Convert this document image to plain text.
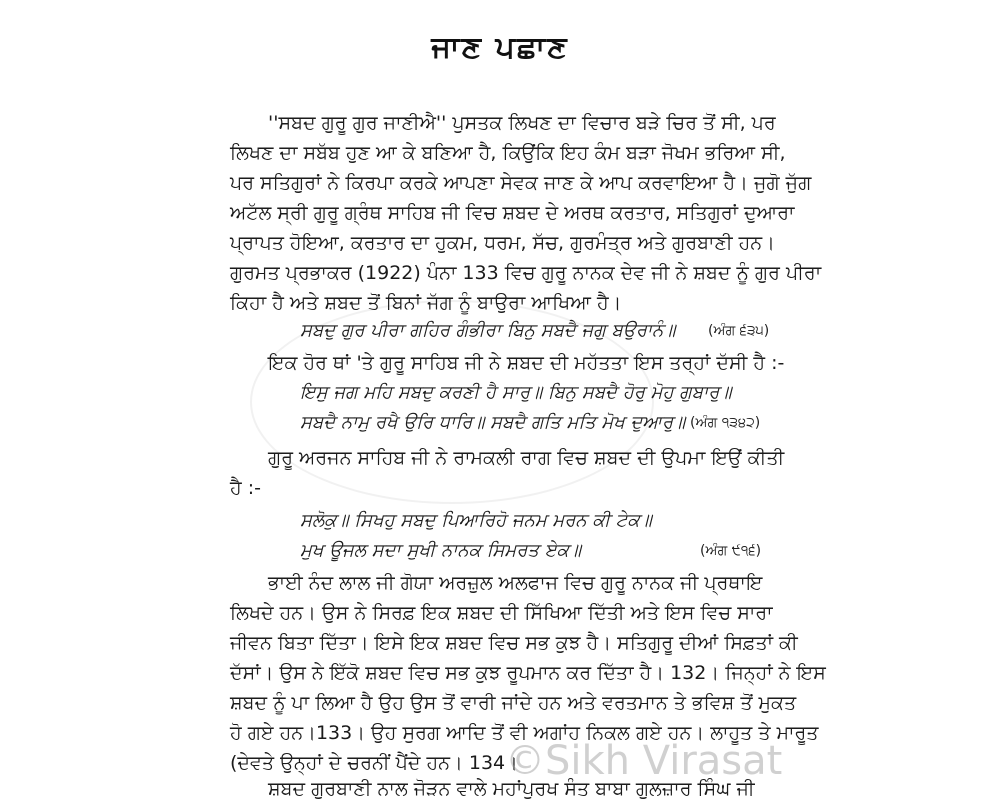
ਜਾਣ ਪਛਾਣ
''ਸਬਦ ਗੁਰੂ ਗੁਰ ਜਾਣੀਐ'' ਪੁਸਤਕ ਲਿਖਣ ਦਾ ਵਿਚਾਰ ਬੜੇ ਚਿਰ ਤੋਂ ਸੀ, ਪਰ
ਲਿਖਣ ਦਾ ਸਬੱਬ ਹੁਣ ਆ ਕੇ ਬਣਿਆ ਹੈ, ਕਿਉਂਕਿ ਇਹ ਕੰਮ ਬੜਾ ਜੋਖਮ ਭਰਿਆ ਸੀ,
ਪਰ ਸਤਿਗੁਰਾਂ ਨੇ ਕਿਰਪਾ ਕਰਕੇ ਆਪਣਾ ਸੇਵਕ ਜਾਣ ਕੇ ਆਪ ਕਰਵਾਇਆ ਹੈ। ਜੁਗੋ ਜੁੱਗ
ਅਟੱਲ ਸ੍ਰੀ ਗੁਰੂ ਗ੍ਰੰਥ ਸਾਹਿਬ ਜੀ ਵਿਚ ਸ਼ਬਦ ਦੇ ਅਰਥ ਕਰਤਾਰ, ਸਤਿਗੁਰਾਂ ਦੁਆਰਾ
ਪ੍ਰਾਪਤ ਹੋਇਆ, ਕਰਤਾਰ ਦਾ ਹੁਕਮ, ਧਰਮ, ਸੱਚ, ਗੁਰਮੰਤ੍ਰ ਅਤੇ ਗੁਰਬਾਣੀ ਹਨ।
ਗੁਰਮਤ ਪ੍ਰਭਾਕਰ (1922) ਪੰਨਾ 133 ਵਿਚ ਗੁਰੂ ਨਾਨਕ ਦੇਵ ਜੀ ਨੇ ਸ਼ਬਦ ਨੂੰ ਗੁਰ ਪੀਰਾ
ਕਿਹਾ ਹੈ ਅਤੇ ਸ਼ਬਦ ਤੋਂ ਬਿਨਾਂ ਜੱਗ ਨੂੰ ਬਾਉਰਾ ਆਖਿਆ ਹੈ।
ਸਬਦੁ ਗੁਰ ਪੀਰਾ ਗਹਿਰ ਗੰਭੀਰਾ ਬਿਨੁ ਸਬਦੈ ਜਗੁ ਬਉਰਾਨੰ॥ (ਅੰਗ ੬੩੫)
ਇਕ ਹੋਰ ਥਾਂ 'ਤੇ ਗੁਰੂ ਸਾਹਿਬ ਜੀ ਨੇ ਸ਼ਬਦ ਦੀ ਮਹੱਤਤਾ ਇਸ ਤਰ੍ਹਾਂ ਦੱਸੀ ਹੈ :-
ਇਸੁ ਜਗ ਮਹਿ ਸਬਦੁ ਕਰਣੀ ਹੈ ਸਾਰੁ॥ ਬਿਨੁ ਸਬਦੈ ਹੋਰੁ ਮੋਹੁ ਗੁਬਾਰੁ॥
ਸਬਦੈ ਨਾਮੁ ਰਖੈ ਉਰਿ ਧਾਰਿ॥ ਸਬਦੈ ਗਤਿ ਮਤਿ ਮੋਖ ਦੁਆਰੁ॥ (ਅੰਗ ੧੩੪੨)
ਗੁਰੂ ਅਰਜਨ ਸਾਹਿਬ ਜੀ ਨੇ ਰਾਮਕਲੀ ਰਾਗ ਵਿਚ ਸ਼ਬਦ ਦੀ ਉਪਮਾ ਇਉਂ ਕੀਤੀ
ਹੈ :-
ਸਲੋਕੁ॥ ਸਿਖਹੁ ਸਬਦੁ ਪਿਆਰਿਹੋ ਜਨਮ ਮਰਨ ਕੀ ਟੇਕ॥
ਮੁਖ ਊਜਲ ਸਦਾ ਸੁਖੀ ਨਾਨਕ ਸਿਮਰਤ ਏਕ॥	(ਅੰਗ ੯੧੬)
ਭਾਈ ਨੰਦ ਲਾਲ ਜੀ ਗੋਯਾ ਅਰਜ਼ੁਲ ਅਲਫਾਜ ਵਿਚ ਗੁਰੂ ਨਾਨਕ ਜੀ ਪ੍ਰਥਾਇ
ਲਿਖਦੇ ਹਨ। ਉਸ ਨੇ ਸਿਰਫ਼ ਇਕ ਸ਼ਬਦ ਦੀ ਸਿੱਖਿਆ ਦਿੱਤੀ ਅਤੇ ਇਸ ਵਿਚ ਸਾਰਾ
ਜੀਵਨ ਬਿਤਾ ਦਿੱਤਾ। ਇਸੇ ਇਕ ਸ਼ਬਦ ਵਿਚ ਸਭ ਕੁਝ ਹੈ। ਸਤਿਗੁਰੂ ਦੀਆਂ ਸਿਫ਼ਤਾਂ ਕੀ
ਦੱਸਾਂ। ਉਸ ਨੇ ਇੱਕੋ ਸ਼ਬਦ ਵਿਚ ਸਭ ਕੁਝ ਰੂਪਮਾਨ ਕਰ ਦਿੱਤਾ ਹੈ। 132। ਜਿਨ੍ਹਾਂ ਨੇ ਇਸ
ਸ਼ਬਦ ਨੂੰ ਪਾ ਲਿਆ ਹੈ ਉਹ ਉਸ ਤੋਂ ਵਾਰੀ ਜਾਂਦੇ ਹਨ ਅਤੇ ਵਰਤਮਾਨ ਤੇ ਭਵਿਸ਼ ਤੋਂ ਮੁਕਤ
ਹੋ ਗਏ ਹਨ।133। ਉਹ ਸੁਰਗ ਆਦਿ ਤੋਂ ਵੀ ਅਗਾਂਹ ਨਿਕਲ ਗਏ ਹਨ। ਲਾਹੂਤ ਤੇ ਮਾਰੂਤ
(ਦੇਵਤੇ ਉਨ੍ਹਾਂ ਦੇ ਚਰਨੀਂ ਪੈਂਦੇ ਹਨ। 134।
ਸ਼ਬਦ ਗੁਰਬਾਣੀ ਨਾਲ ਜੋੜਨ ਵਾਲੇ ਮਹਾਂਪੁਰਖ ਸੰਤ ਬਾਬਾ ਗੁਲਜ਼ਾਰ ਸਿੰਘ ਜੀ
©Sikh Virasat
